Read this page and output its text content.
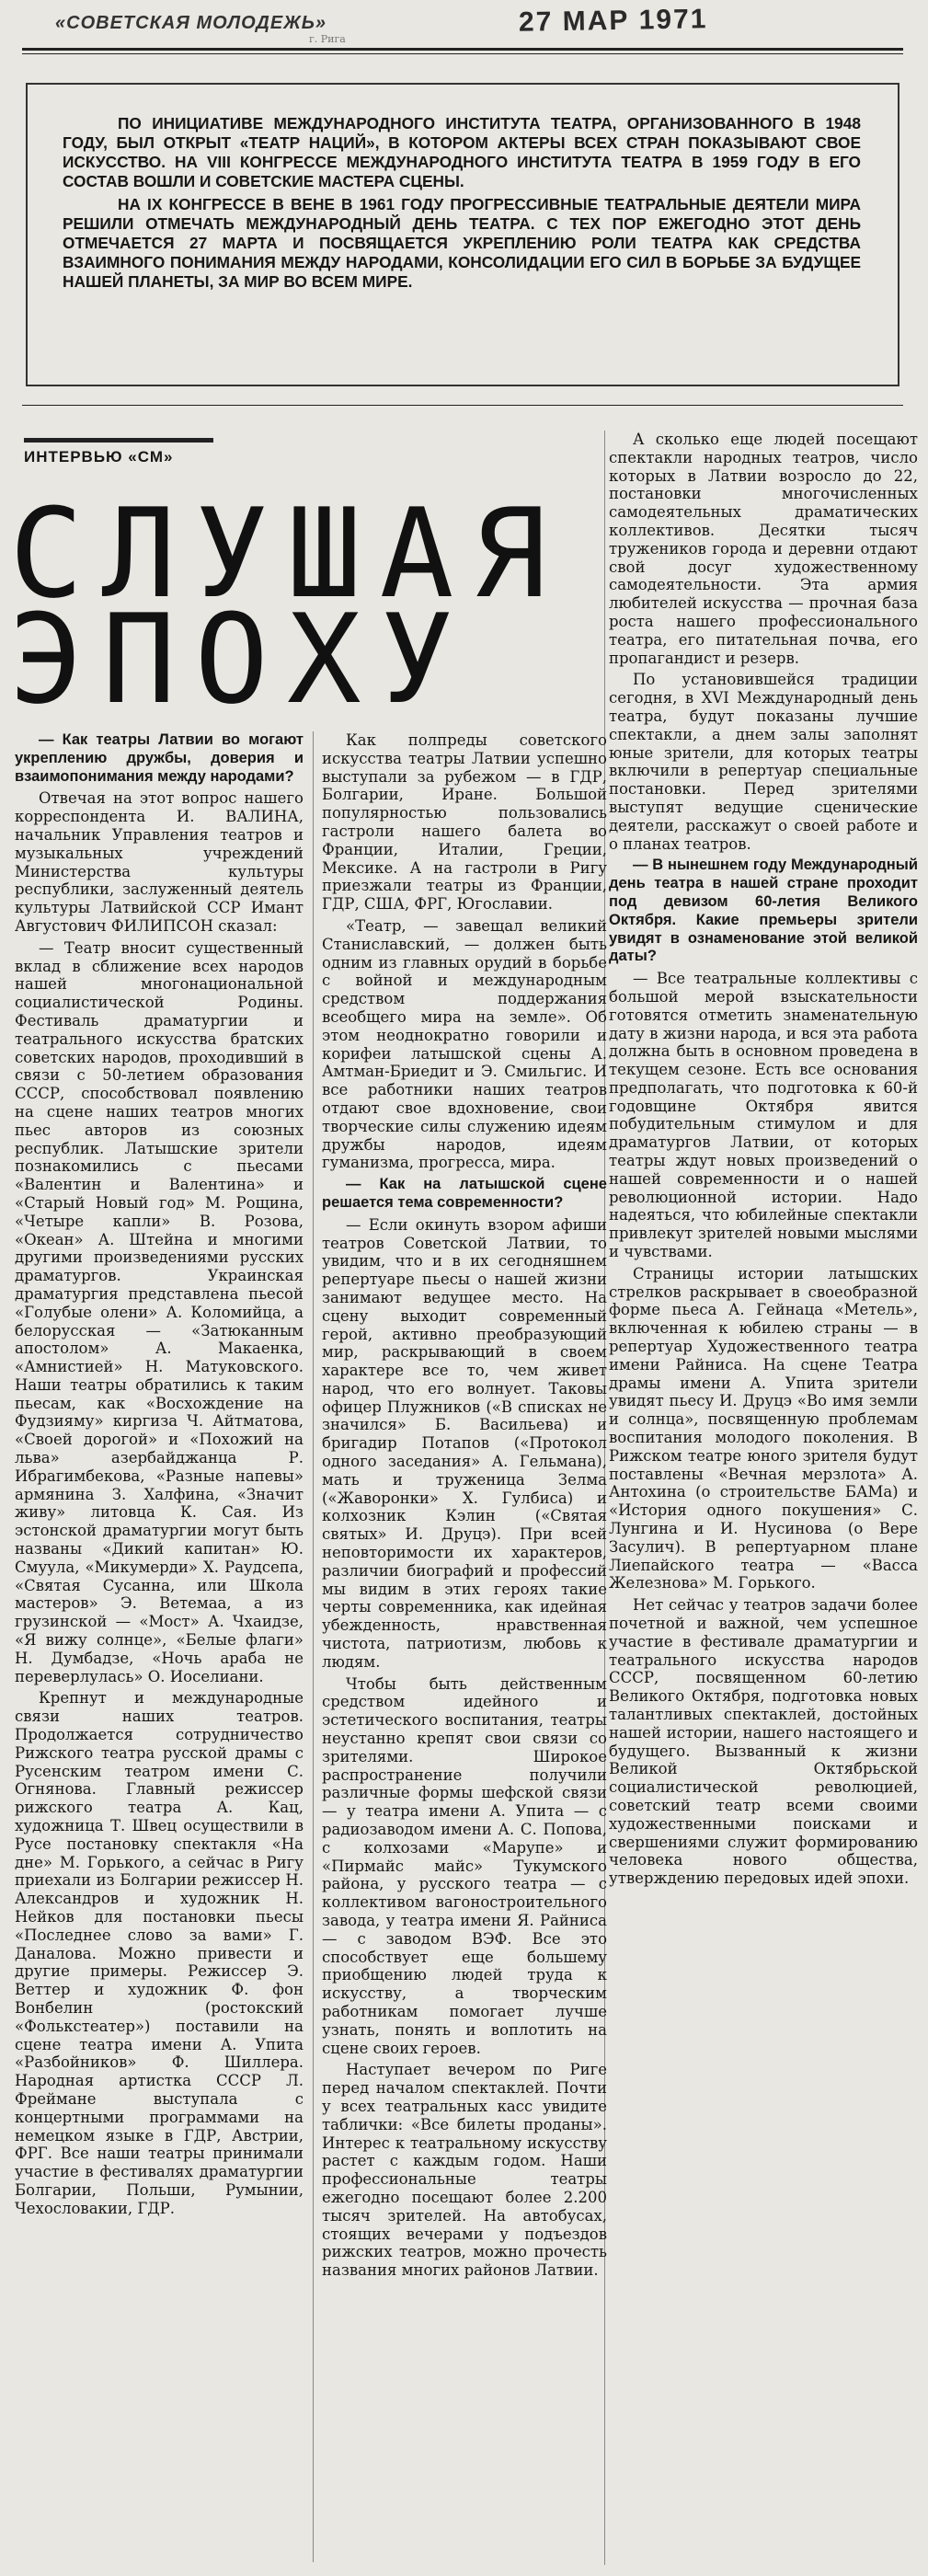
«СОВЕТСКАЯ МОЛОДЕЖЬ»
г. Рига
27 МАР 1971

ПО ИНИЦИАТИВЕ МЕЖДУНАРОДНОГО ИНСТИТУТА ТЕАТРА, ОРГАНИЗОВАННОГО В 1948 ГОДУ, БЫЛ ОТКРЫТ «ТЕАТР НАЦИЙ», В КОТОРОМ АКТЕРЫ ВСЕХ СТРАН ПОКАЗЫВАЮТ СВОЕ ИСКУССТВО. НА VIII КОНГРЕССЕ МЕЖДУНАРОДНОГО ИНСТИТУТА ТЕАТРА В 1959 ГОДУ В ЕГО СОСТАВ ВОШЛИ И СОВЕТСКИЕ МАСТЕРА СЦЕНЫ.

НА IX КОНГРЕССЕ В ВЕНЕ В 1961 ГОДУ ПРОГРЕССИВНЫЕ ТЕАТРАЛЬНЫЕ ДЕЯТЕЛИ МИРА РЕШИЛИ ОТМЕЧАТЬ МЕЖДУНАРОДНЫЙ ДЕНЬ ТЕАТРА. С ТЕХ ПОР ЕЖЕГОДНО ЭТОТ ДЕНЬ ОТМЕЧАЕТСЯ 27 МАРТА И ПОСВЯЩАЕТСЯ УКРЕПЛЕНИЮ РОЛИ ТЕАТРА КАК СРЕДСТВА ВЗАИМНОГО ПОНИМАНИЯ МЕЖДУ НАРОДАМИ, КОНСОЛИДАЦИИ ЕГО СИЛ В БОРЬБЕ ЗА БУДУЩЕЕ НАШЕЙ ПЛАНЕТЫ, ЗА МИР ВО ВСЕМ МИРЕ.

ИНТЕРВЬЮ «СМ»
СЛУШАЯ
ЭПОХУ

— Как театры Латвии во могают укреплению дружбы, доверия и взаимопонимания между народами?

Отвечая на этот вопрос нашего корреспондента И. ВАЛИНА, начальник Управления театров и музыкальных учреждений Министерства культуры республики, заслуженный деятель культуры Латвийской ССР Имант Августович ФИЛИПСОН сказал:

— Театр вносит существенный вклад в сближение всех народов нашей многонациональной социалистической Родины. Фестиваль драматургии и театрального искусства братских советских народов, проходивший в связи с 50-летием образования СССР, способствовал появлению на сцене наших театров многих пьес авторов из союзных республик. Латышские зрители познакомились с пьесами «Валентин и Валентина» и «Старый Новый год» М. Рощина, «Четыре капли» В. Розова, «Океан» А. Штейна и многими другими произведениями русских драматургов. Украинская драматургия представлена пьесой «Голубые олени» А. Коломийца, а белорусская — «Затюканным апостолом» А. Макаенка, «Амнистией» Н. Матуковского. Наши театры обратились к таким пьесам, как «Восхождение на Фудзияму» киргиза Ч. Айтматова, «Своей дорогой» и «Похожий на льва» азербайджанца Р. Ибрагимбекова, «Разные напевы» армянина З. Халфина, «Значит живу» литовца К. Сая. Из эстонской драматургии могут быть названы «Дикий капитан» Ю. Смуула, «Микумерди» Х. Раудсепа, «Святая Сусанна, или Школа мастеров» Э. Ветемаа, а из грузинской — «Мост» А. Чхаидзе, «Я вижу солнце», «Белые флаги» Н. Думбадзе, «Ночь араба не переверлулась» О. Иоселиани.

Крепнут и международные связи наших театров. Продолжается сотрудничество Рижского театра русской драмы с Русенским театром имени С. Огнянова. Главный режиссер рижского театра А. Кац, художница Т. Швец осуществили в Русе постановку спектакля «На дне» М. Горького, а сейчас в Ригу приехали из Болгарии режиссер Н. Александров и художник Н. Нейков для постановки пьесы «Последнее слово за вами» Г. Даналова. Можно привести и другие примеры. Режиссер Э. Веттер и художник Ф. фон Вонбелин (ростокский «Фолькстеатер») поставили на сцене театра имени А. Упита «Разбойников» Ф. Шиллера. Народная артистка СССР Л. Фрейманe выступала с концертными программами на немецком языке в ГДР, Австрии, ФРГ. Все наши театры принимали участие в фестивалях драматургии Болгарии, Польши, Румынии, Чехословакии, ГДР.

Как полпреды советского искусства театры Латвии успешно выступали за рубежом — в ГДР, Болгарии, Иране. Большой популярностью пользовались гастроли нашего балета во Франции, Италии, Греции, Мексике. А на гастроли в Ригу приезжали театры из Франции, ГДР, США, ФРГ, Югославии.

«Театр, — завещал великий Станиславский, — должен быть одним из главных орудий в борьбе с войной и международным средством поддержания всеобщего мира на земле». Об этом неоднократно говорили и корифеи латышской сцены А. Амтман-Бриедит и Э. Смильгис. И все работники наших театров отдают свое вдохновение, свои творческие силы служению идеям дружбы народов, идеям гуманизма, прогресса, мира.

— Как на латышской сцене решается тема современности?

— Если окинуть взором афиши театров Советской Латвии, то увидим, что и в их сегодняшнем репертуаре пьесы о нашей жизни занимают ведущее место. На сцену выходит современный герой, активно преобразующий мир, раскрывающий в своем характере все то, чем живет народ, что его волнует. Таковы офицер Плужников («В списках не значился» Б. Васильева) и бригадир Потапов («Протокол одного заседания» А. Гельмана), мать и труженица Зелма («Жаворонки» Х. Гулбиса) и колхозник Кэлин («Святая святых» И. Друцэ). При всей неповторимости их характеров, различии биографий и профессий мы видим в этих героях такие черты современника, как идейная убежденность, нравственная чистота, патриотизм, любовь к людям.

Чтобы быть действенным средством идейного и эстетического воспитания, театры неустанно крепят свои связи со зрителями. Широкое распространение получили различные формы шефской связи — у театра имени А. Упита — с радиозаводом имени А. С. Попова, с колхозами «Марупе» и «Пирмайс майс» Тукумского района, у русского театра — с коллективом вагоностроительного завода, у театра имени Я. Райниса — с заводом ВЭФ. Все это способствует еще большему приобщению людей труда к искусству, а творческим работникам помогает лучше узнать, понять и воплотить на сцене своих героев.

Наступает вечером по Риге перед началом спектаклей. Почти у всех театральных касс увидите таблички: «Все билеты проданы». Интерес к театральному искусству растет с каждым годом. Наши профессиональные театры ежегодно посещают более 2.200 тысяч зрителей. На автобусах, стоящих вечерами у подъездов рижских театров, можно прочесть названия многих районов Латвии.

А сколько еще людей посещают спектакли народных театров, число которых в Латвии возросло до 22, постановки многочисленных самодеятельных драматических коллективов. Десятки тысяч тружеников города и деревни отдают свой досуг художественному самодеятельности. Эта армия любителей искусства — прочная база роста нашего профессионального театра, его питательная почва, его пропагандист и резерв.

По установившейся традиции сегодня, в XVI Международный день театра, будут показаны лучшие спектакли, а днем залы заполнят юные зрители, для которых театры включили в репертуар специальные постановки. Перед зрителями выступят ведущие сценические деятели, расскажут о своей работе и о планах театров.

— В нынешнем году Международный день театра в нашей стране проходит под девизом 60-летия Великого Октября. Какие премьеры зрители увидят в ознаменование этой великой даты?

— Все театральные коллективы с большой мерой взыскательности готовятся отметить знаменательную дату в жизни народа, и вся эта работа должна быть в основном проведена в текущем сезоне. Есть все основания предполагать, что подготовка к 60-й годовщине Октября явится побудительным стимулом и для драматургов Латвии, от которых театры ждут новых произведений о нашей современности и о нашей революционной истории. Надо надеяться, что юбилейные спектакли привлекут зрителей новыми мыслями и чувствами.

Страницы истории латышских стрелков раскрывает в своеобразной форме пьеса А. Гейнаца «Метель», включенная к юбилею страны — в репертуар Художественного театра имени Райниса. На сцене Театра драмы имени А. Упита зрители увидят пьесу И. Друцэ «Во имя земли и солнца», посвященную проблемам воспитания молодого поколения. В Рижском театре юного зрителя будут поставлены «Вечная мерзлота» А. Антохина (о строительстве БАМа) и «История одного покушения» С. Лунгина и И. Нусинова (о Вере Засулич). В репертуарном плане Лиепайского театра — «Васса Железнова» М. Горького.

Нет сейчас у театров задачи более почетной и важной, чем успешное участие в фестивале драматургии и театрального искусства народов СССР, посвященном 60-летию Великого Октября, подготовка новых талантливых спектаклей, достойных нашей истории, нашего настоящего и будущего. Вызванный к жизни Великой Октябрьской социалистической революцией, советский театр всеми своими художественными поисками и свершениями служит формированию человека нового общества, утверждению передовых идей эпохи.
